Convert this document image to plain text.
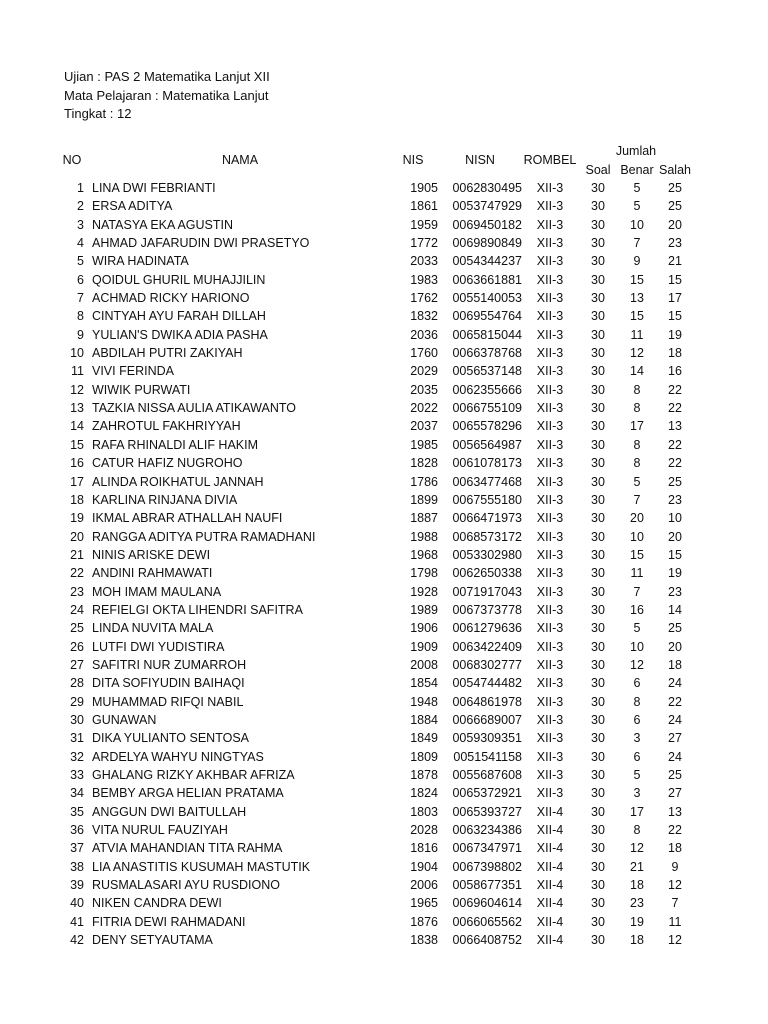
Ujian : PAS 2 Matematika Lanjut XII
Mata Pelajaran : Matematika Lanjut
Tingkat : 12
NO	NAMA	NIS	NISN	ROMBEL	Jumlah		
					Soal	Benar	Salah
1	LINA DWI FEBRIANTI	1905	0062830495	XII-3	30	5	25
2	ERSA ADITYA	1861	0053747929	XII-3	30	5	25
3	NATASYA EKA AGUSTIN	1959	0069450182	XII-3	30	10	20
4	AHMAD JAFARUDIN DWI PRASETYO	1772	0069890849	XII-3	30	7	23
5	WIRA HADINATA	2033	0054344237	XII-3	30	9	21
6	QOIDUL GHURIL MUHAJJILIN	1983	0063661881	XII-3	30	15	15
7	ACHMAD RICKY HARIONO	1762	0055140053	XII-3	30	13	17
8	CINTYAH AYU FARAH DILLAH	1832	0069554764	XII-3	30	15	15
9	YULIAN'S DWIKA ADIA PASHA	2036	0065815044	XII-3	30	11	19
10	ABDILAH PUTRI ZAKIYAH	1760	0066378768	XII-3	30	12	18
11	VIVI FERINDA	2029	0056537148	XII-3	30	14	16
12	WIWIK PURWATI	2035	0062355666	XII-3	30	8	22
13	TAZKIA NISSA AULIA ATIKAWANTO	2022	0066755109	XII-3	30	8	22
14	ZAHROTUL FAKHRIYYAH	2037	0065578296	XII-3	30	17	13
15	RAFA RHINALDI ALIF HAKIM	1985	0056564987	XII-3	30	8	22
16	CATUR HAFIZ NUGROHO	1828	0061078173	XII-3	30	8	22
17	ALINDA ROIKHATUL JANNAH	1786	0063477468	XII-3	30	5	25
18	KARLINA RINJANA DIVIA	1899	0067555180	XII-3	30	7	23
19	IKMAL ABRAR ATHALLAH NAUFI	1887	0066471973	XII-3	30	20	10
20	RANGGA ADITYA PUTRA RAMADHANI	1988	0068573172	XII-3	30	10	20
21	NINIS ARISKE DEWI	1968	0053302980	XII-3	30	15	15
22	ANDINI RAHMAWATI	1798	0062650338	XII-3	30	11	19
23	MOH IMAM MAULANA	1928	0071917043	XII-3	30	7	23
24	REFIELGI OKTA LIHENDRI SAFITRA	1989	0067373778	XII-3	30	16	14
25	LINDA NUVITA MALA	1906	0061279636	XII-3	30	5	25
26	LUTFI DWI YUDISTIRA	1909	0063422409	XII-3	30	10	20
27	SAFITRI NUR ZUMARROH	2008	0068302777	XII-3	30	12	18
28	DITA SOFIYUDIN BAIHAQI	1854	0054744482	XII-3	30	6	24
29	MUHAMMAD RIFQI NABIL	1948	0064861978	XII-3	30	8	22
30	GUNAWAN	1884	0066689007	XII-3	30	6	24
31	DIKA YULIANTO SENTOSA	1849	0059309351	XII-3	30	3	27
32	ARDELYA WAHYU NINGTYAS	1809	0051541158	XII-3	30	6	24
33	GHALANG RIZKY AKHBAR AFRIZA	1878	0055687608	XII-3	30	5	25
34	BEMBY ARGA HELIAN PRATAMA	1824	0065372921	XII-3	30	3	27
35	ANGGUN DWI BAITULLAH	1803	0065393727	XII-4	30	17	13
36	VITA NURUL FAUZIYAH	2028	0063234386	XII-4	30	8	22
37	ATVIA MAHANDIAN TITA RAHMA	1816	0067347971	XII-4	30	12	18
38	LIA ANASTITIS KUSUMAH MASTUTIK	1904	0067398802	XII-4	30	21	9
39	RUSMALASARI AYU RUSDIONO	2006	0058677351	XII-4	30	18	12
40	NIKEN CANDRA DEWI	1965	0069604614	XII-4	30	23	7
41	FITRIA DEWI RAHMADANI	1876	0066065562	XII-4	30	19	11
42	DENY SETYAUTAMA	1838	0066408752	XII-4	30	18	12
